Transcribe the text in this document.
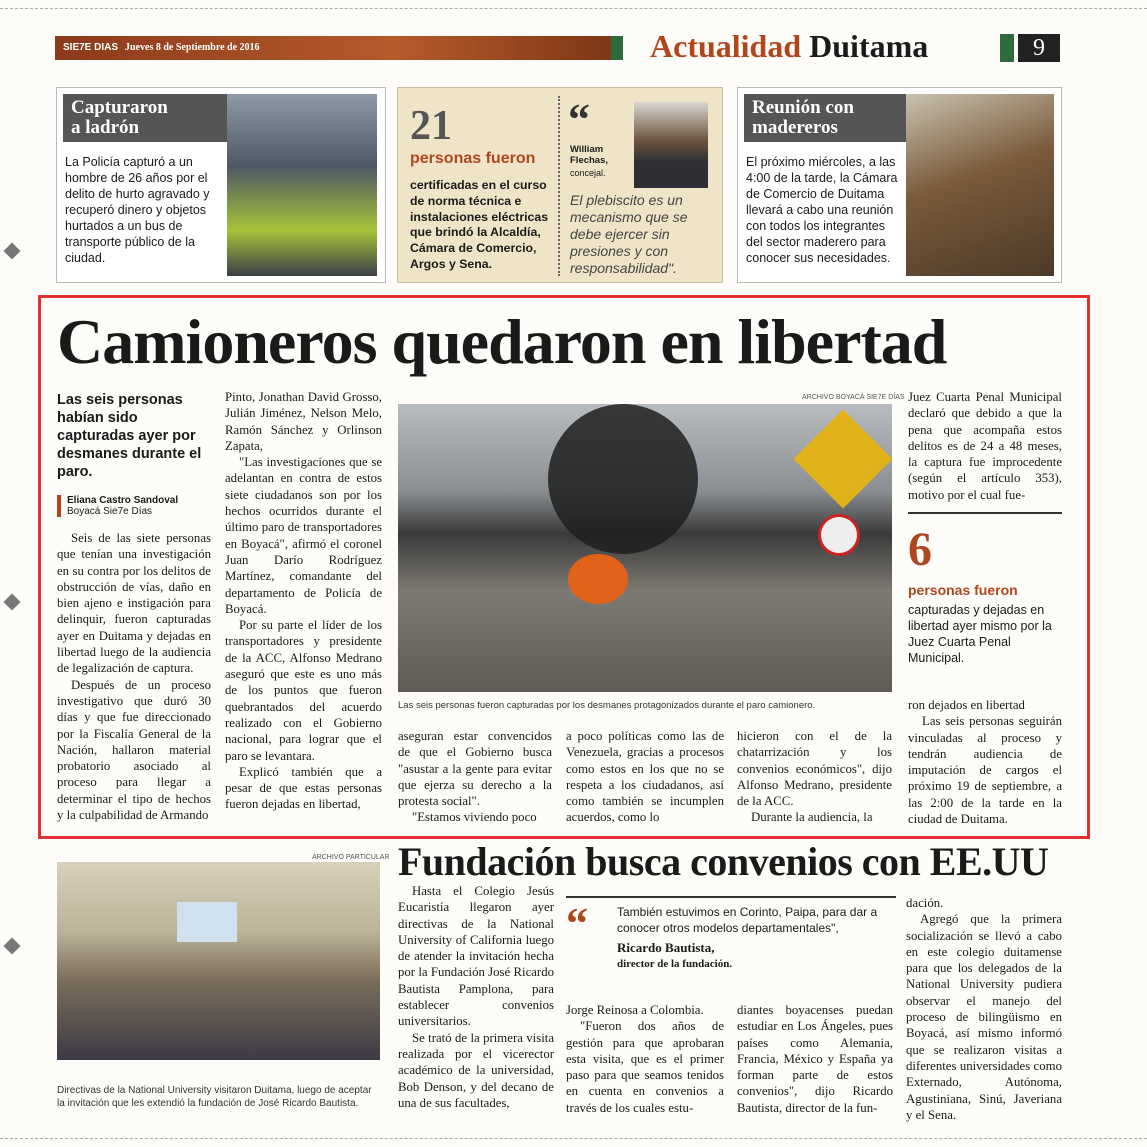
SIE7E DIAS Jueves 8 de Septiembre de 2016	Actualidad Duitama	9
Capturaron
a ladrón
La Policía capturó a un hombre de 26 años por el delito de hurto agravado y recuperó dinero y objetos hurtados a un bus de transporte público de la ciudad.
21
personas fueron
certificadas en el curso de norma técnica e instalaciones eléctricas que brindó la Alcaldía, Cámara de Comercio, Argos y Sena.
“
William Flechas,
concejal.
El plebiscito es un mecanismo que se debe ejercer sin presiones y con responsabilidad".
Reunión con
madereros
El próximo miércoles, a las 4:00 de la tarde, la Cámara de Comercio de Duitama llevará a cabo una reunión con todos los integrantes del sector maderero para conocer sus necesidades.
Camioneros quedaron en libertad
Las seis personas habían sido capturadas ayer por desmanes durante el paro.
Eliana Castro Sandoval
Boyacá Sie7e Días

Seis de las siete personas que tenían una investigación en su contra por los delitos de obstrucción de vías, daño en bien ajeno e instigación para delinquir, fueron capturadas ayer en Duitama y dejadas en libertad luego de la audiencia de legalización de captura.

Después de un proceso investigativo que duró 30 días y que fue direccionado por la Fiscalía General de la Nación, hallaron material probatorio asociado al proceso para llegar a determinar el tipo de hechos y la culpabilidad de Armando

Pinto, Jonathan David Grosso, Julián Jiménez, Nelson Melo, Ramón Sánchez y Orlinson Zapata,

"Las investigaciones que se adelantan en contra de estos siete ciudadanos son por los hechos ocurridos durante el último paro de transportadores en Boyacá", afirmó el coronel Juan Darío Rodríguez Martínez, comandante del departamento de Policía de Boyacá.

Por su parte el líder de los transportadores y presidente de la ACC, Alfonso Medrano aseguró que este es uno más de los puntos que fueron quebrantados del acuerdo realizado con el Gobierno nacional, para lograr que el paro se levantara.

Explicó también que a pesar de que estas personas fueron dejadas en libertad,

ARCHIVO BOYACÁ SIE7E DÍAS
Las seis personas fueron capturadas por los desmanes protagonizados durante el paro camionero.

aseguran estar convencidos de que el Gobierno busca "asustar a la gente para evitar que ejerza su derecho a la protesta social".

"Estamos viviendo poco

a poco políticas como las de Venezuela, gracias a procesos como estos en los que no se respeta a los ciudadanos, así como también se incumplen acuerdos, como lo

hicieron con el de la chatarrización y los convenios económicos", dijo Alfonso Medrano, presidente de la ACC.

Durante la audiencia, la

Juez Cuarta Penal Municipal declaró que debido a que la pena que acompaña estos delitos es de 24 a 48 meses, la captura fue improcedente (según el artículo 353), motivo por el cual fue-
6
personas fueron
capturadas y dejadas en libertad ayer mismo por la Juez Cuarta Penal Municipal.

ron dejados en libertad

Las seis personas seguirán vinculadas al proceso y tendrán audiencia de imputación de cargos el próximo 19 de septiembre, a las 2:00 de la tarde en la ciudad de Duitama.

ARCHIVO PARTICULAR
Directivas de la National University visitaron Duitama, luego de aceptar la invitación que les extendió la fundación de José Ricardo Bautista.
Fundación busca convenios con EE.UU

Hasta el Colegio Jesús Eucaristía llegaron ayer directivas de la National University of California luego de atender la invitación hecha por la Fundación José Ricardo Bautista Pamplona, para establecer convenios universitarios.

Se trató de la primera visita realizada por el vicerector académico de la universidad, Bob Denson, y del decano de una de sus facultades,

“ También estuvimos en Corinto, Paipa, para dar a conocer otros modelos departamentales",
Ricardo Bautista,
director de la fundación.

Jorge Reinosa a Colombia.

"Fueron dos años de gestión para que aprobaran esta visita, que es el primer paso para que seamos tenidos en cuenta en convenios a través de los cuales estu-

diantes boyacenses puedan estudiar en Los Ángeles, pues países como Alemania, Francia, México y España ya forman parte de estos convenios", dijo Ricardo Bautista, director de la fun-

dación.

Agregó que la primera socialización se llevó a cabo en este colegio duitamense para que los delegados de la National University pudiera observar el manejo del proceso de bilingüismo en Boyacá, así mismo informó que se realizaron visitas a diferentes universidades como Externado, Autónoma, Agustiniana, Sinú, Javeriana y el Sena.
